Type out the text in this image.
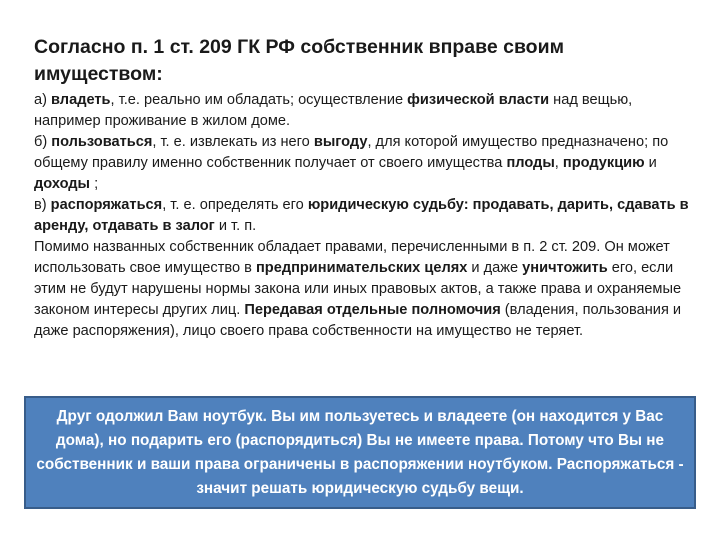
Согласно п. 1 ст. 209 ГК РФ собственник вправе своим имуществом:

а) владеть, т.е. реально им обладать; осуществление физической власти над вещью, например проживание в жилом доме.

б) пользоваться, т. е. извлекать из него выгоду, для которой имущество предназначено; по общему правилу именно собственник получает от своего имущества плоды, продукцию и доходы ;

в) распоряжаться, т. е. определять его юридическую судьбу: продавать, дарить, сдавать в аренду, отдавать в залог и т. п.

Помимо названных собственник обладает правами, перечисленными в п. 2 ст. 209. Он может использовать свое имущество в предпринимательских целях и даже уничтожить его, если этим не будут нарушены нормы закона или иных правовых актов, а также права и охраняемые законом интересы других лиц. Передавая отдельные полномочия (владения, пользования и даже распоряжения), лицо своего права собственности на имущество не теряет.

Друг одолжил Вам ноутбук. Вы им пользуетесь и владеете (он находится у Вас дома), но подарить его (распорядиться) Вы не имеете права. Потому что Вы не собственник и ваши права ограничены в распоряжении ноутбуком. Распоряжаться - значит решать юридическую судьбу вещи.
